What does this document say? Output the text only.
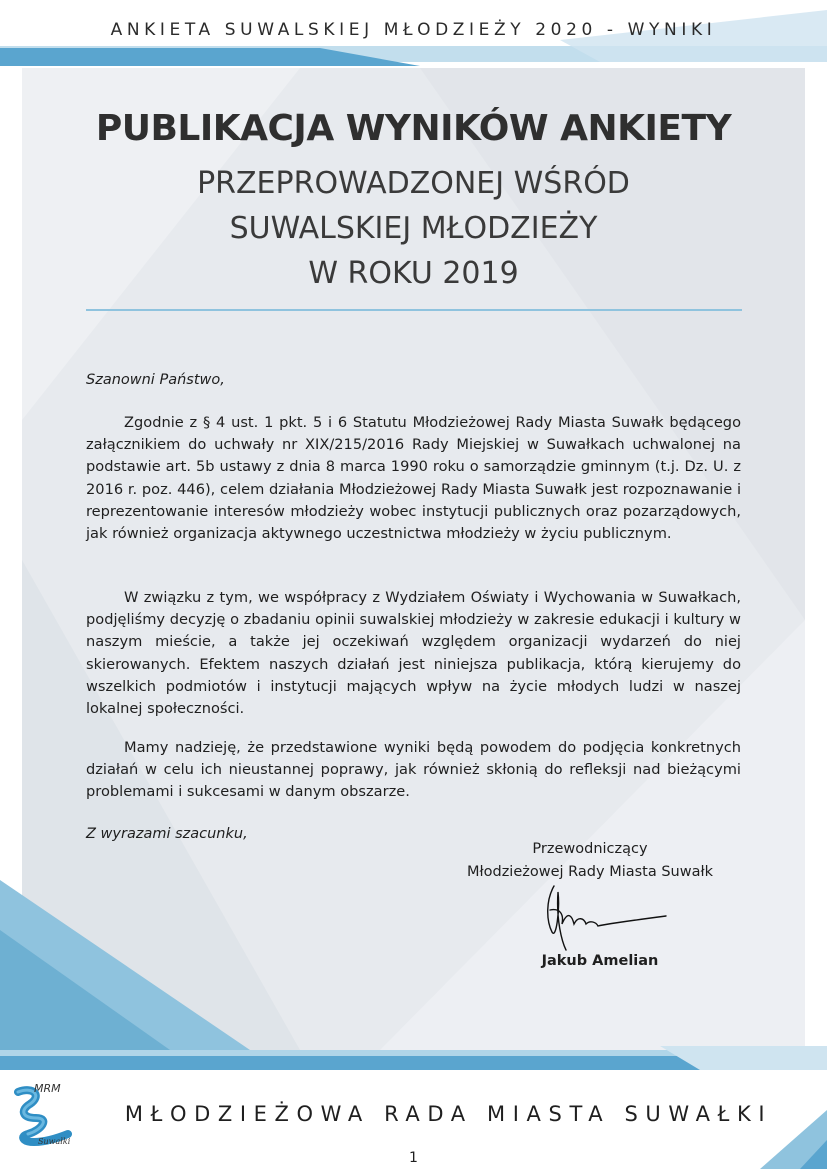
ANKIETA SUWALSKIEJ MŁODZIEŻY 2020 - WYNIKI
PUBLIKACJA WYNIKÓW ANKIETY
PRZEPROWADZONEJ WŚRÓD
SUWALSKIEJ MŁODZIEŻY
W ROKU 2019
Szanowni Państwo,

Zgodnie z § 4 ust. 1 pkt. 5 i 6 Statutu Młodzieżowej Rady Miasta Suwałk będącego załącznikiem do uchwały nr XIX/215/2016 Rady Miejskiej w Suwałkach uchwalonej na podstawie art. 5b ustawy z dnia 8 marca 1990 roku o samorządzie gminnym (t.j. Dz. U. z 2016 r. poz. 446), celem działania Młodzieżowej Rady Miasta Suwałk jest rozpoznawanie i reprezentowanie interesów młodzieży wobec instytucji publicznych oraz pozarządowych, jak również organizacja aktywnego uczestnictwa młodzieży w życiu publicznym.

W związku z tym, we współpracy z Wydziałem Oświaty i Wychowania w Suwałkach, podjęliśmy decyzję o zbadaniu opinii suwalskiej młodzieży w zakresie edukacji i kultury w naszym mieście, a także jej oczekiwań względem organizacji wydarzeń do niej skierowanych. Efektem naszych działań jest niniejsza publikacja, którą kierujemy do wszelkich podmiotów i instytucji mających wpływ na życie młodych ludzi w naszej lokalnej społeczności.

Mamy nadzieję, że przedstawione wyniki będą powodem do podjęcia konkretnych działań w celu ich nieustannej poprawy, jak również skłonią do refleksji nad bieżącymi problemami i sukcesami w danym obszarze.

Z wyrazami szacunku,
Przewodniczący
Młodzieżowej Rady Miasta Suwałk
Jakub Amelian
MRM
Suwałki
MŁODZIEŻOWA RADA MIASTA SUWAŁKI
1
